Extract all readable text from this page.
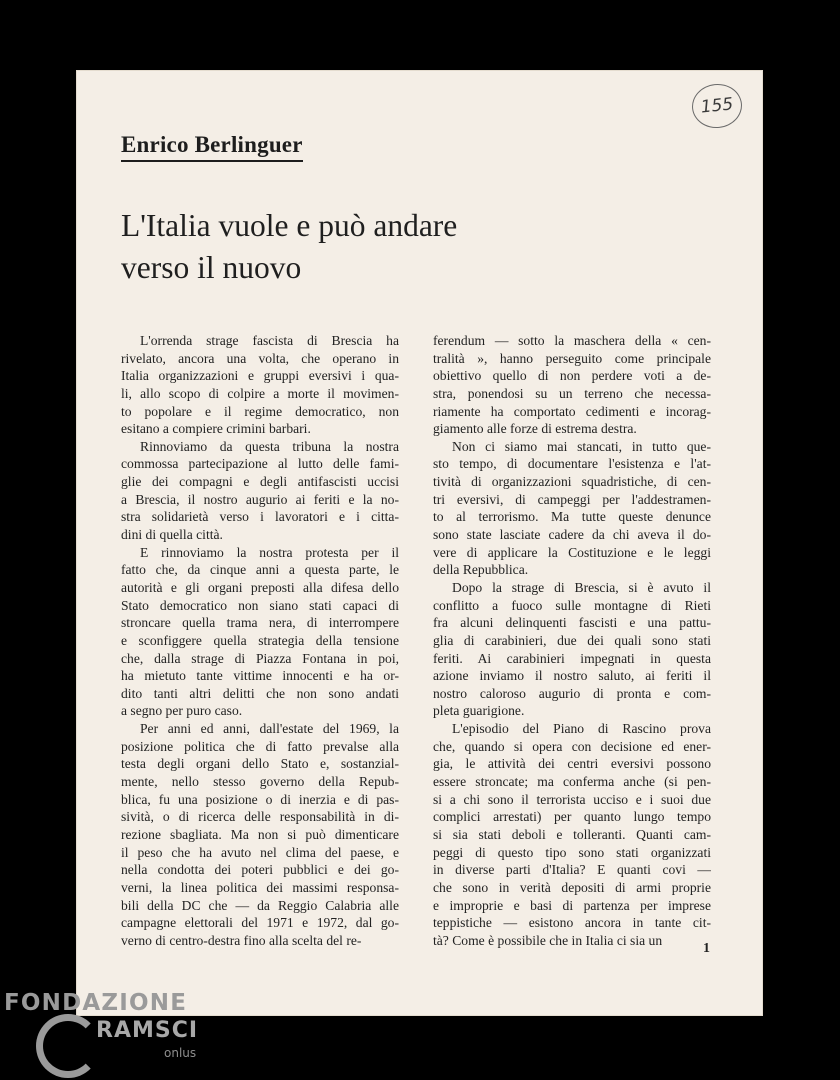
155
Enrico Berlinguer
L'Italia vuole e può andare
verso il nuovo
L'orrenda strage fascista di Brescia ha
rivelato, ancora una volta, che operano in
Italia organizzazioni e gruppi eversivi i qua-
li, allo scopo di colpire a morte il movimen-
to popolare e il regime democratico, non
esitano a compiere crimini barbari.
Rinnoviamo da questa tribuna la nostra
commossa partecipazione al lutto delle fami-
glie dei compagni e degli antifascisti uccisi
a Brescia, il nostro augurio ai feriti e la no-
stra solidarietà verso i lavoratori e i citta-
dini di quella città.
E rinnoviamo la nostra protesta per il
fatto che, da cinque anni a questa parte, le
autorità e gli organi preposti alla difesa dello
Stato democratico non siano stati capaci di
stroncare quella trama nera, di interrompere
e sconfiggere quella strategia della tensione
che, dalla strage di Piazza Fontana in poi,
ha mietuto tante vittime innocenti e ha or-
dito tanti altri delitti che non sono andati
a segno per puro caso.
Per anni ed anni, dall'estate del 1969, la
posizione politica che di fatto prevalse alla
testa degli organi dello Stato e, sostanzial-
mente, nello stesso governo della Repub-
blica, fu una posizione o di inerzia e di pas-
sività, o di ricerca delle responsabilità in di-
rezione sbagliata. Ma non si può dimenticare
il peso che ha avuto nel clima del paese, e
nella condotta dei poteri pubblici e dei go-
verni, la linea politica dei massimi responsa-
bili della DC che — da Reggio Calabria alle
campagne elettorali del 1971 e 1972, dal go-
verno di centro-destra fino alla scelta del re-
ferendum — sotto la maschera della « cen-
tralità », hanno perseguito come principale
obiettivo quello di non perdere voti a de-
stra, ponendosi su un terreno che necessa-
riamente ha comportato cedimenti e incorag-
giamento alle forze di estrema destra.
Non ci siamo mai stancati, in tutto que-
sto tempo, di documentare l'esistenza e l'at-
tività di organizzazioni squadristiche, di cen-
tri eversivi, di campeggi per l'addestramen-
to al terrorismo. Ma tutte queste denunce
sono state lasciate cadere da chi aveva il do-
vere di applicare la Costituzione e le leggi
della Repubblica.
Dopo la strage di Brescia, si è avuto il
conflitto a fuoco sulle montagne di Rieti
fra alcuni delinquenti fascisti e una pattu-
glia di carabinieri, due dei quali sono stati
feriti. Ai carabinieri impegnati in questa
azione inviamo il nostro saluto, ai feriti il
nostro caloroso augurio di pronta e com-
pleta guarigione.
L'episodio del Piano di Rascino prova
che, quando si opera con decisione ed ener-
gia, le attività dei centri eversivi possono
essere stroncate; ma conferma anche (si pen-
si a chi sono il terrorista ucciso e i suoi due
complici arrestati) per quanto lungo tempo
si sia stati deboli e tolleranti. Quanti cam-
peggi di questo tipo sono stati organizzati
in diverse parti d'Italia? E quanti covi —
che sono in verità depositi di armi proprie
e improprie e basi di partenza per imprese
teppistiche — esistono ancora in tante cit-
tà? Come è possibile che in Italia ci sia un
1
FONDAZIONE
RAMSCI
onlus
